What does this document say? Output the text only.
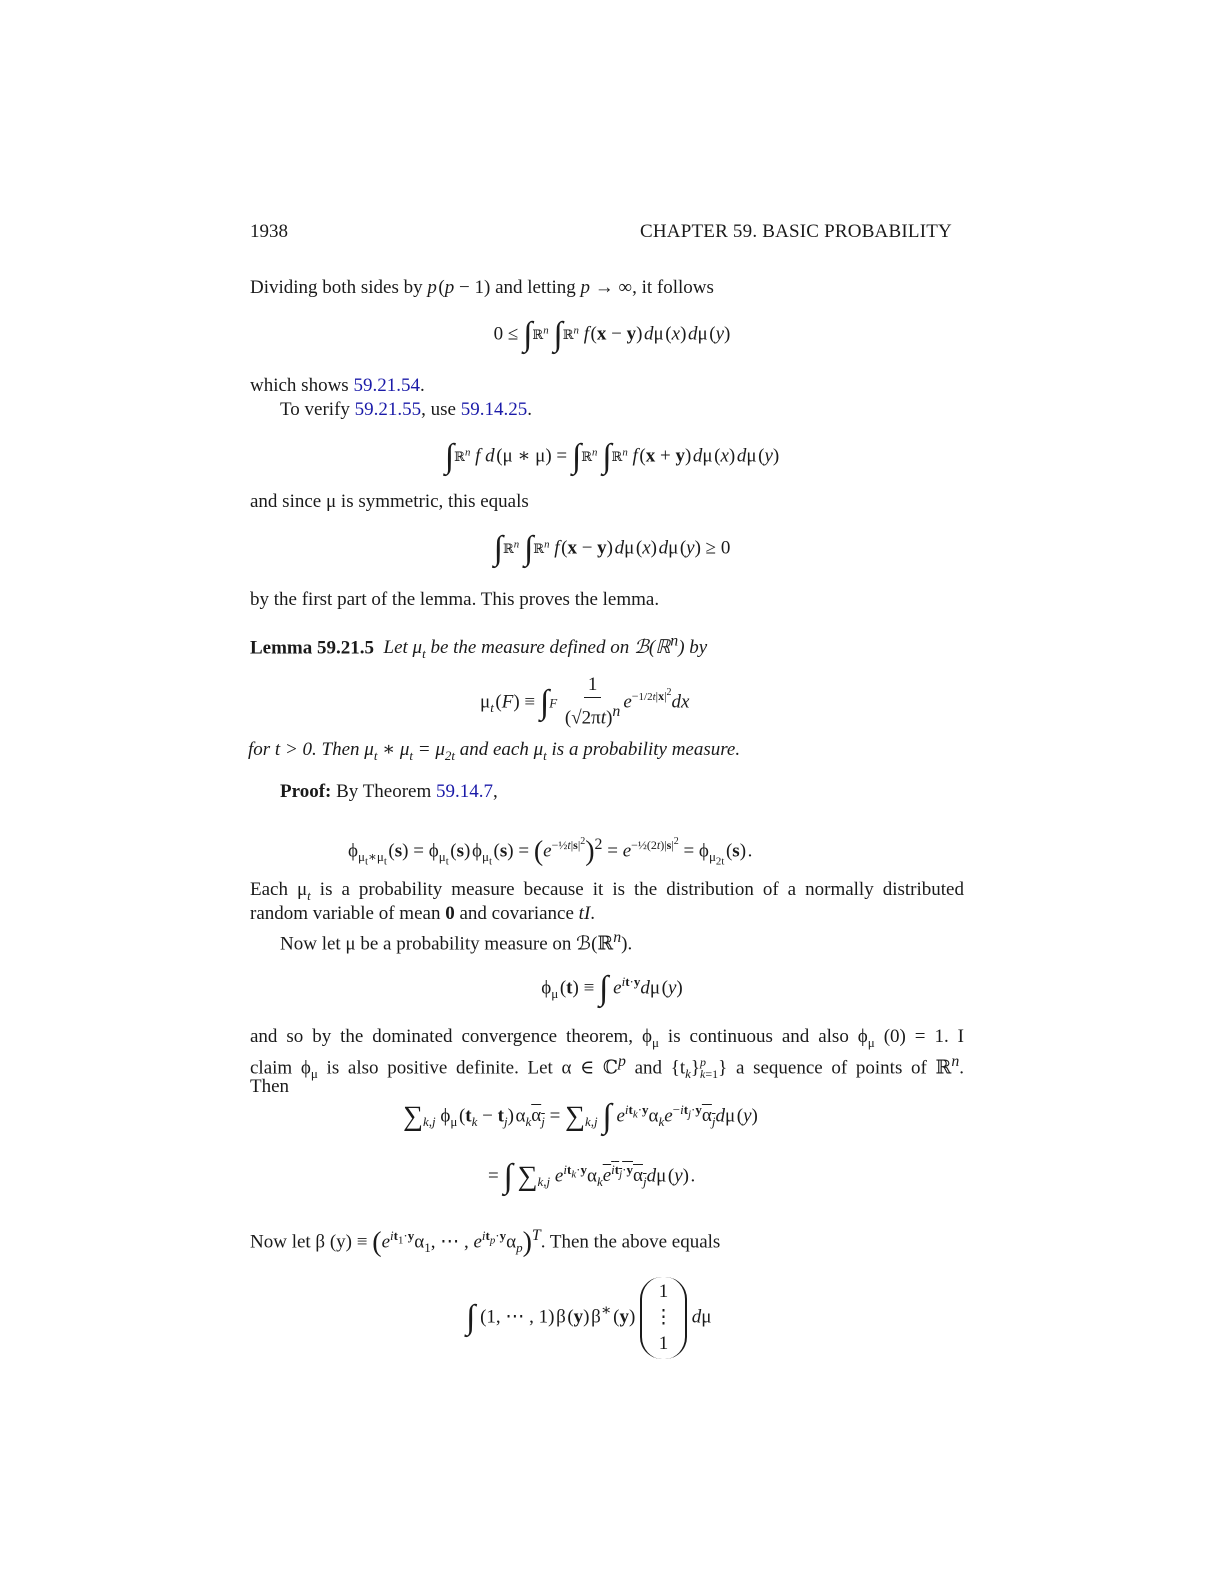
1938	CHAPTER 59. BASIC PROBABILITY
Dividing both sides by p (p − 1) and letting p → ∞, it follows
0 ≤ ∫ℝ$^n$ ∫ℝ$^n$ f (x − y) dμ (x) dμ (y)
which shows 59.21.54.
To verify 59.21.55, use 59.14.25.
∫ℝ$^n$ f d (μ ∗ μ) = ∫ℝ$^n$ ∫ℝ$^n$ f (x + y) dμ (x) dμ (y)
and since μ is symmetric, this equals
∫ℝ$^n$ ∫ℝ$^n$ f (x − y) dμ (x) dμ (y) ≥ 0
by the first part of the lemma. This proves the lemma.
Lemma 59.21.5 Let $\mu_t$ be the measure defined on ℬ(ℝ$^n$) by
$\mu_t$ $(F) \equiv \int F \frac{1}{(√2\pi t)^n} e^{-1/2t|x|^2}dx$
for t > 0. Then $\mu_t$ ∗ $\mu_t = \mu_{2t}$ and each $\mu_t$ is a probability measure.
Proof: By Theorem 59.14.7,
$\phi_{\mu_t∗\mu_t}$ $(s) = \phi_{\mu_t}$ (s) $\phi_{\mu_t}$ $(s) = (e^{-\frac{1}{2}t|s|^2})^2 = e^{-\frac{1}{2}(2t)|s|^2} = \phi_{\mu_{2t}}$ (s) .
Each $\mu_t$ is a probability measure because it is the distribution of a normally distributed
random variable of mean 0 and covariance tI.
Now let μ be a probability measure on ℬ(ℝ$^n$).
$\phi_\mu$ (t) ≡ ∫ $e^{it\cdot y}d\mu$ (y)
and so by the dominated convergence theorem, $\phi_\mu$ is continuous and also $\phi_\mu$ (0) = 1. I
claim $\phi_\mu$ is also positive definite. Let α ∈ ℂ$^p$ and $\{t_k\}^p_{k=1}$} a sequence of points of ℝ$^n$.
Then
$\sum_{k,j}$ $\phi_\mu$ $(t_k - t_j)$ $\alpha_k\alpha_j = \sum_{k,j}$ ∫ $e^{it_k\cdot y}\alpha_ke^{-it_j\cdot y}\alpha_jd\mu$ (y)
= ∫ $\sum_{k,j}$ $e^{it_k\cdot y}\alpha_ke^{it_j\cdot y}\alpha_jd\mu$ (y) .
Now let β $(y) \equiv (e^{it_1\cdot y}\alpha_1$, ⋯ , $e^{it_p\cdot y}\alpha_p)^T$. Then the above equals
∫ (1, ⋯ , 1) β (y) β∗ (y)
1
⋮
1
dμ
